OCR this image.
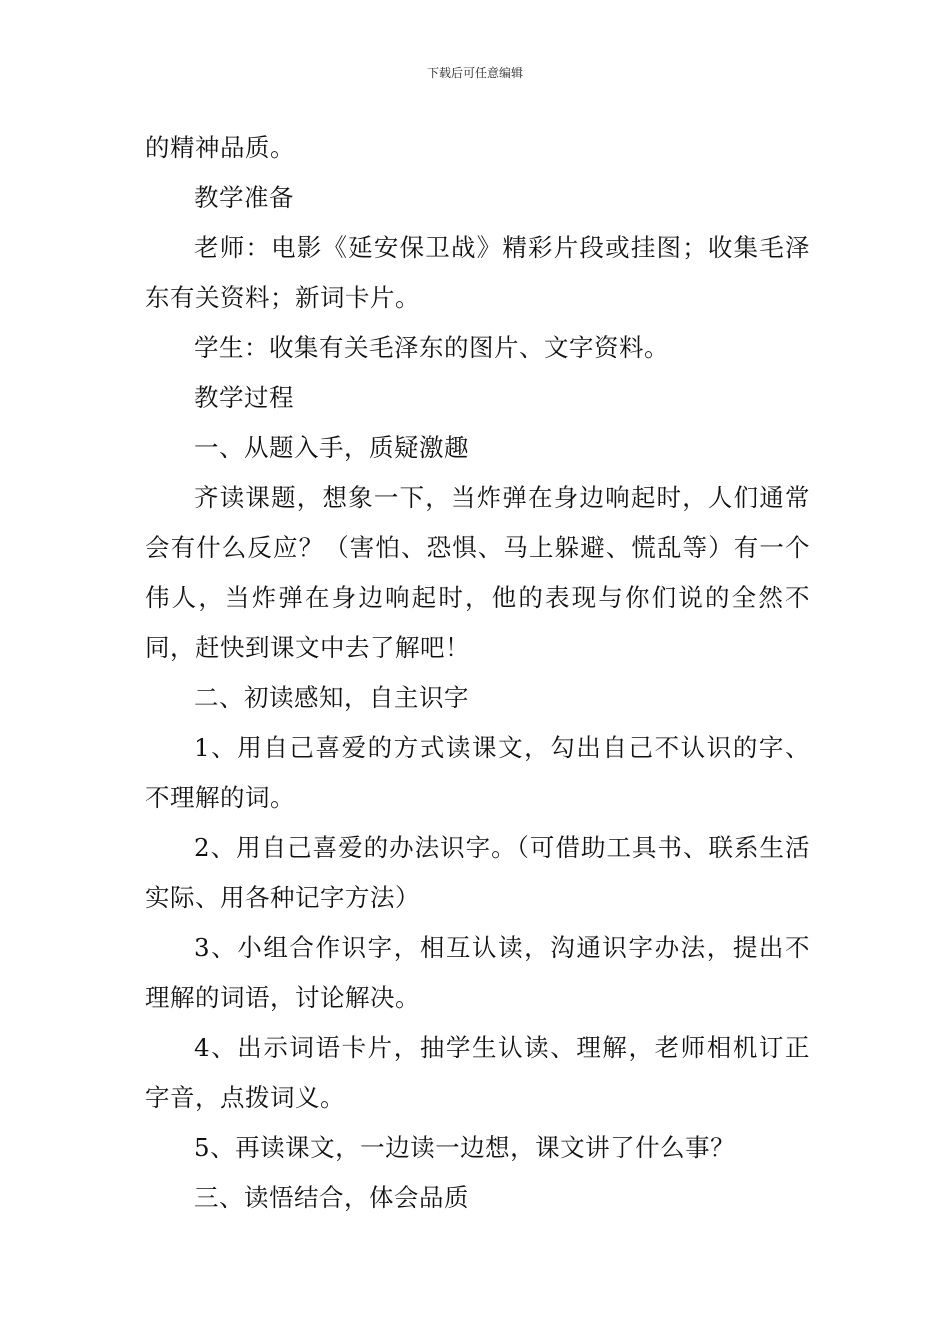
下载后可任意编辑

的精神品质。

教学准备

老师：电影《延安保卫战》精彩片段或挂图；收集毛泽东有关资料；新词卡片。

学生：收集有关毛泽东的图片、文字资料。

教学过程

一、从题入手，质疑激趣

齐读课题，想象一下，当炸弹在身边响起时，人们通常会有什么反应？（害怕、恐惧、马上躲避、慌乱等）有一个伟人，当炸弹在身边响起时，他的表现与你们说的全然不同，赶快到课文中去了解吧！

二、初读感知，自主识字

1、用自己喜爱的方式读课文，勾出自己不认识的字、不理解的词。

2、用自己喜爱的办法识字。（可借助工具书、联系生活实际、用各种记字方法）

3、小组合作识字，相互认读，沟通识字办法，提出不理解的词语，讨论解决。

4、出示词语卡片，抽学生认读、理解，老师相机订正字音，点拨词义。

5、再读课文，一边读一边想，课文讲了什么事？

三、读悟结合，体会品质
